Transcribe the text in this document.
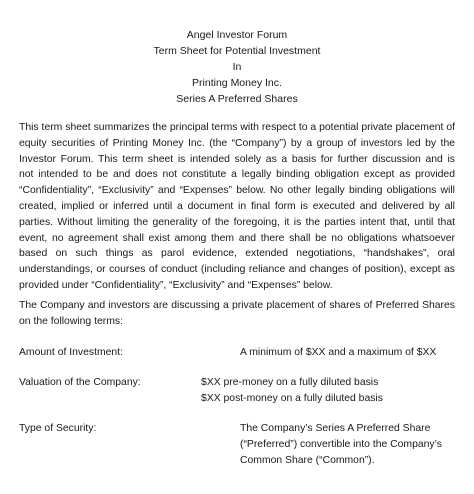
Angel Investor Forum
Term Sheet for Potential Investment
In
Printing Money Inc.
Series A Preferred Shares
This term sheet summarizes the principal terms with respect to a potential private placement of
equity securities of Printing Money Inc. (the “Company”) by a group of investors led by the
Investor Forum. This term sheet is intended solely as a basis for further discussion and is
not intended to be and does not constitute a legally binding obligation except as provided
“Confidentiality”, “Exclusivity” and “Expenses” below. No other legally binding obligations will
created, implied or inferred until a document in final form is executed and delivered by all
parties. Without limiting the generality of the foregoing, it is the parties intent that, until that
event, no agreement shall exist among them and there shall be no obligations whatsoever
based on such things as parol evidence, extended negotiations, “handshakes”, oral
understandings, or courses of conduct (including reliance and changes of position), except as
provided under “Confidentiality”, “Exclusivity” and “Expenses” below.
The Company and investors are discussing a private placement of shares of Preferred Shares
on the following terms:
Amount of Investment:	A minimum of $XX and a maximum of $XX
Valuation of the Company:	$XX pre-money on a fully diluted basis
$XX post-money on a fully diluted basis
Type of Security:	The Company’s Series A Preferred Share
(“Preferred”) convertible into the Company’s
Common Share (“Common”).
